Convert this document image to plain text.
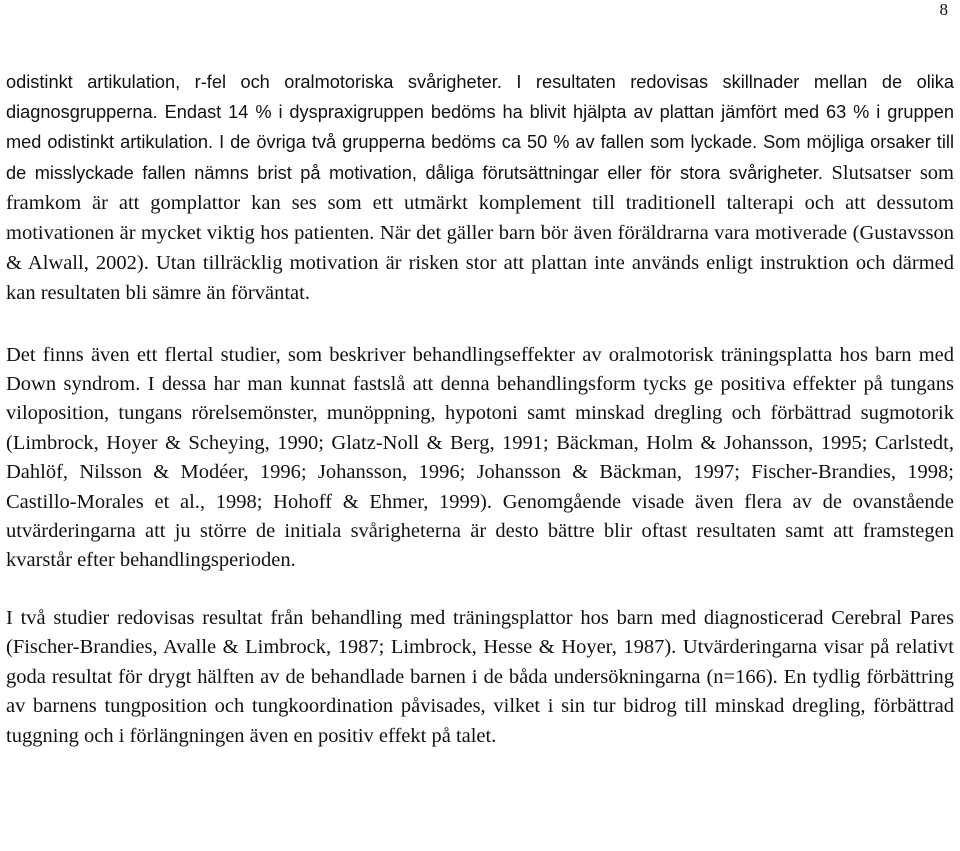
8

odistinkt artikulation, r-fel och oralmotoriska svårigheter. I resultaten redovisas skillnader mellan de olika diagnosgrupperna. Endast 14 % i dyspraxigruppen bedöms ha blivit hjälpta av plattan jämfört med 63 % i gruppen med odistinkt artikulation. I de övriga två grupperna bedöms ca 50 % av fallen som lyckade. Som möjliga orsaker till de misslyckade fallen nämns brist på motivation, dåliga förutsättningar eller för stora svårigheter. Slutsatser som framkom är att gomplattor kan ses som ett utmärkt komplement till traditionell talterapi och att dessutom motivationen är mycket viktig hos patienten. När det gäller barn bör även föräldrarna vara motiverade (Gustavsson & Alwall, 2002). Utan tillräcklig motivation är risken stor att plattan inte används enligt instruktion och därmed kan resultaten bli sämre än förväntat.

Det finns även ett flertal studier, som beskriver behandlingseffekter av oralmotorisk träningsplatta hos barn med Down syndrom. I dessa har man kunnat fastslå att denna behandlingsform tycks ge positiva effekter på tungans viloposition, tungans rörelsemönster, munöppning, hypotoni samt minskad dregling och förbättrad sugmotorik (Limbrock, Hoyer & Scheying, 1990; Glatz-Noll & Berg, 1991; Bäckman, Holm & Johansson, 1995; Carlstedt, Dahlöf, Nilsson & Modéer, 1996; Johansson, 1996; Johansson & Bäckman, 1997; Fischer-Brandies, 1998; Castillo-Morales et al., 1998; Hohoff & Ehmer, 1999). Genomgående visade även flera av de ovanstående utvärderingarna att ju större de initiala svårigheterna är desto bättre blir oftast resultaten samt att framstegen kvarstår efter behandlingsperioden.

I två studier redovisas resultat från behandling med träningsplattor hos barn med diagnosticerad Cerebral Pares (Fischer-Brandies, Avalle & Limbrock, 1987; Limbrock, Hesse & Hoyer, 1987). Utvärderingarna visar på relativt goda resultat för drygt hälften av de behandlade barnen i de båda undersökningarna (n=166). En tydlig förbättring av barnens tungposition och tungkoordination påvisades, vilket i sin tur bidrog till minskad dregling, förbättrad tuggning och i förlängningen även en positiv effekt på talet.
